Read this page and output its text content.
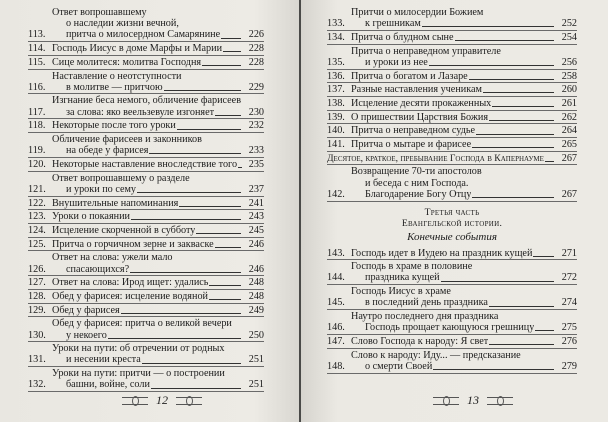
113.
Ответ вопрошавшему
о наследии жизни вечной,
притча о милосердном Самарянине	226
114. Господь Иисус в доме Марфы и Марии	228
115. Сице молитеся: молитва Господня	228
116.
Наставление о неотступности
в молитве — притчою	229
117.
Изгнание беса немого, обличение фарисеев
за слова: яко веельзевуле изгоняет	230
118. Некоторые после того уроки	232
119.
Обличение фарисеев и законников
на обеде у фарисея	233
120. Некоторые наставление вноследствие того	235
121.
Ответ вопрошавшему о разделе
и уроки по сему	237
122. Внушительные напоминания	241
123. Уроки о покаянии	243
124. Исцеление скорченной в субботу	245
125. Притча о горчичном зерне и закваске	246
126.
Ответ на слова: ужели мало
спасающихся?	246
127. Ответ на слова: Ирод ищет: удались	248
128. Обед у фарисея: исцеление водяной	248
129. Обед у фарисея	249
130.
Обед у фарисея: притча о великой вечери
у некоего	250
131.
Уроки на пути: об отречении от родных
и несении креста	251
132.
Уроки на пути: притчи — о построении
башни, войне, соли	251
12
133.
Притчи о милосердии Божием
к грешникам	252
134. Притча о блудном сыне	254
135.
Притча о неправедном управителе
и уроки из нее	256
136. Притча о богатом и Лазаре	258
137. Разные наставления ученикам	260
138. Исцеление десяти прокаженных	261
139. О пришествии Царствия Божия	262
140. Притча о неправедном судье	264
141. Притча о мытаре и фарисее	265
Десятое, краткое, пребывание Господа в Капернауме	267
142.
Возвращение 70-ти апостолов
и беседа с ним Господа.
Благодарение Богу Отцу	267
Третья часть
Евангельской истории.
Конечные события
143. Господь идет в Иудею на праздник кущей	271
144.
Господь в храме в половине
праздника кущей	272
145.
Господь Иисус в храме
в последний день праздника	274
146.
Наутро последнего дня праздника
Господь прощает кающуюся грешницу	275
147. Слово Господа к народу: Я свет	276
148.
Слово к народу: Иду... — предсказание
о смерти Своей	279
13
